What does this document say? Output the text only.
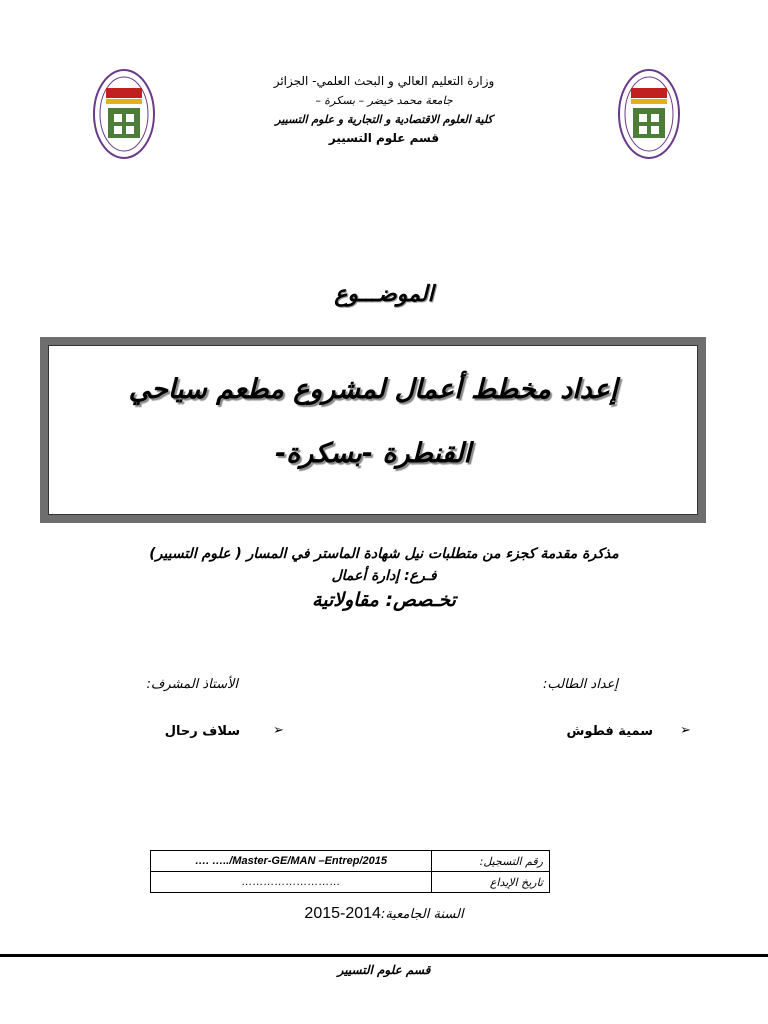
وزارة التعليم العالي و البحث العلمي- الجزائر
جامعة محمد خيضر – بسكرة –
كلية العلوم الاقتصادية و التجارية و علوم التسيير
قسم علوم التسيير
الموضـــوع
إعداد مخطط أعمال لمشروع مطعم سياحي
القنطرة -بسكرة-
مذكرة مقدمة كجزء من متطلبات نيل شهادة الماستر في المسار ( علوم التسيير)
فـرع: إدارة أعمال
تخـصص: مقاولاتية
إعداد الطالب:
الأستاذ المشرف:
➢
سمية فطوش
➢
سلاف رحال
رقم التسجيل:	…. …../Master-GE/MAN –Entrep/2015
تاريخ الإيداع	………………………
السنة الجامعية:2014-2015
قسم علوم التسيير
